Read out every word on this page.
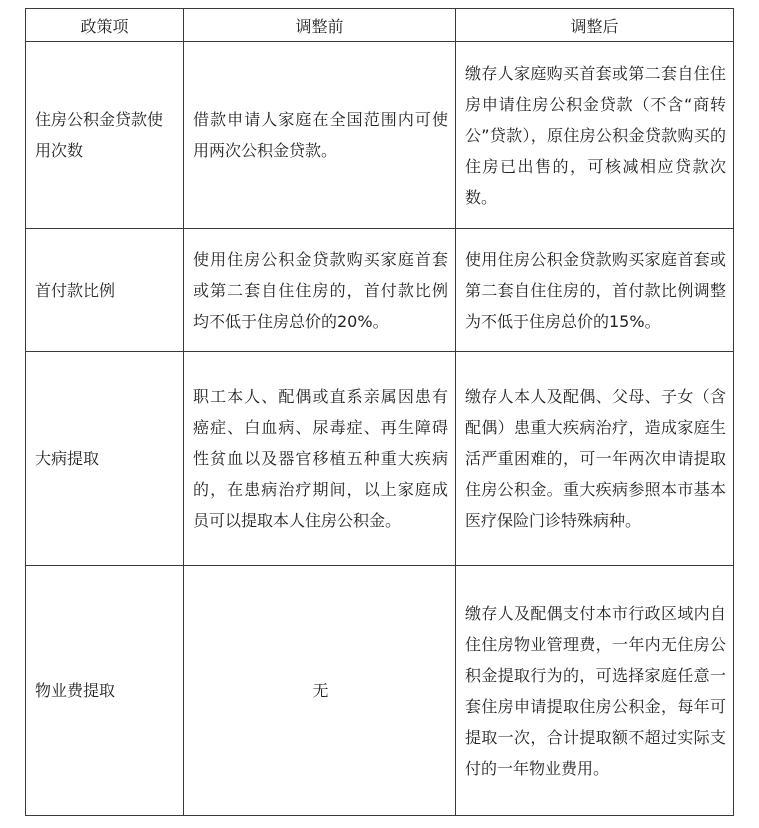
政策项	调整前	调整后
住房公积金贷款使用次数	借款申请人家庭在全国范围内可使用两次公积金贷款。	缴存人家庭购买首套或第二套自住住房申请住房公积金贷款（不含“商转公”贷款），原住房公积金贷款购买的住房已出售的，可核减相应贷款次数。
首付款比例	使用住房公积金贷款购买家庭首套或第二套自住住房的，首付款比例均不低于住房总价的20%。	使用住房公积金贷款购买家庭首套或第二套自住住房的，首付款比例调整为不低于住房总价的15%。
大病提取	职工本人、配偶或直系亲属因患有癌症、白血病、尿毒症、再生障碍性贫血以及器官移植五种重大疾病的，在患病治疗期间，以上家庭成员可以提取本人住房公积金。	缴存人本人及配偶、父母、子女（含配偶）患重大疾病治疗，造成家庭生活严重困难的，可一年两次申请提取住房公积金。重大疾病参照本市基本医疗保险门诊特殊病种。
物业费提取	无	缴存人及配偶支付本市行政区域内自住住房物业管理费，一年内无住房公积金提取行为的，可选择家庭任意一套住房申请提取住房公积金，每年可提取一次，合计提取额不超过实际支付的一年物业费用。
